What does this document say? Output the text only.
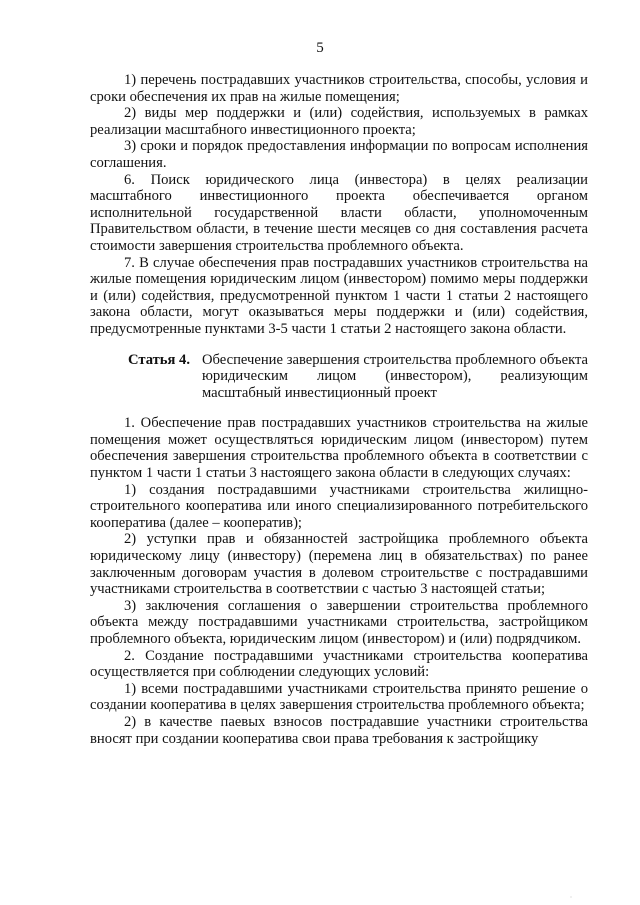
5

1) перечень пострадавших участников строительства, способы, условия и сроки обеспечения их прав на жилые помещения;

2) виды мер поддержки и (или) содействия, используемых в рамках реализации масштабного инвестиционного проекта;

3) сроки и порядок предоставления информации по вопросам исполнения соглашения.

6. Поиск юридического лица (инвестора) в целях реализации масштабного инвестиционного проекта обеспечивается органом исполнительной государственной власти области, уполномоченным Правительством области, в течение шести месяцев со дня составления расчета стоимости завершения строительства проблемного объекта.

7. В случае обеспечения прав пострадавших участников строительства на жилые помещения юридическим лицом (инвестором) помимо меры поддержки и (или) содействия, предусмотренной пунктом 1 части 1 статьи 2 настоящего закона области, могут оказываться меры поддержки и (или) содействия, предусмотренные пунктами 3-5 части 1 статьи 2 настоящего закона области.

Статья 4. Обеспечение завершения строительства проблемного объекта юридическим лицом (инвестором), реализующим масштабный инвестиционный проект

1. Обеспечение прав пострадавших участников строительства на жилые помещения может осуществляться юридическим лицом (инвестором) путем обеспечения завершения строительства проблемного объекта в соответствии с пунктом 1 части 1 статьи 3 настоящего закона области в следующих случаях:

1) создания пострадавшими участниками строительства жилищно-строительного кооператива или иного специализированного потребительского кооператива (далее – кооператив);

2) уступки прав и обязанностей застройщика проблемного объекта юридическому лицу (инвестору) (перемена лиц в обязательствах) по ранее заключенным договорам участия в долевом строительстве с пострадавшими участниками строительства в соответствии с частью 3 настоящей статьи;

3) заключения соглашения о завершении строительства проблемного объекта между пострадавшими участниками строительства, застройщиком проблемного объекта, юридическим лицом (инвестором) и (или) подрядчиком.

2. Создание пострадавшими участниками строительства кооператива осуществляется при соблюдении следующих условий:

1) всеми пострадавшими участниками строительства принято решение о создании кооператива в целях завершения строительства проблемного объекта;

2) в качестве паевых взносов пострадавшие участники строительства вносят при создании кооператива свои права требования к застройщику

ˈ
